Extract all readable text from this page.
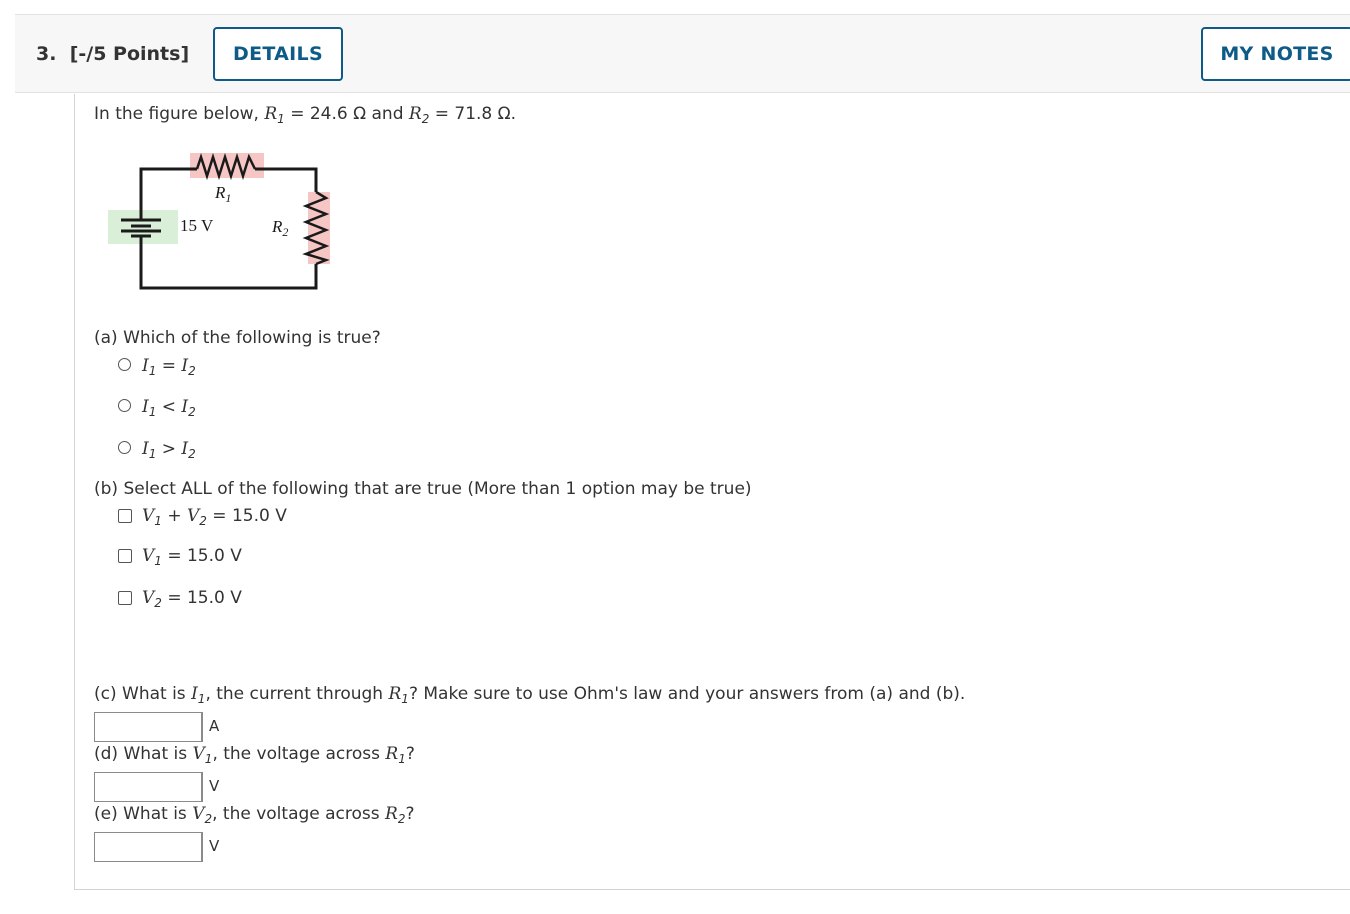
3. [-/5 Points]	DETAILS	MY NOTES
In the figure below, $R_1 = 24.6$ Ω and $R_2 = 71.8$ Ω.
$R_1$
$R_2$
15 V
(a) Which of the following is true?
$I_1 = I_2$
$I_1 < I_2$
$I_1 > I_2$
(b) Select ALL of the following that are true (More than 1 option may be true)
$V_1 + V_2 = 15.0$ V
$V_1 = 15.0$ V
$V_2 = 15.0$ V
(c) What is $I_1$, the current through $R_1$? Make sure to use Ohm's law and your answers from (a) and (b).
A
(d) What is $V_1$, the voltage across $R_1$?
V
(e) What is $V_2$, the voltage across $R_2$?
V
